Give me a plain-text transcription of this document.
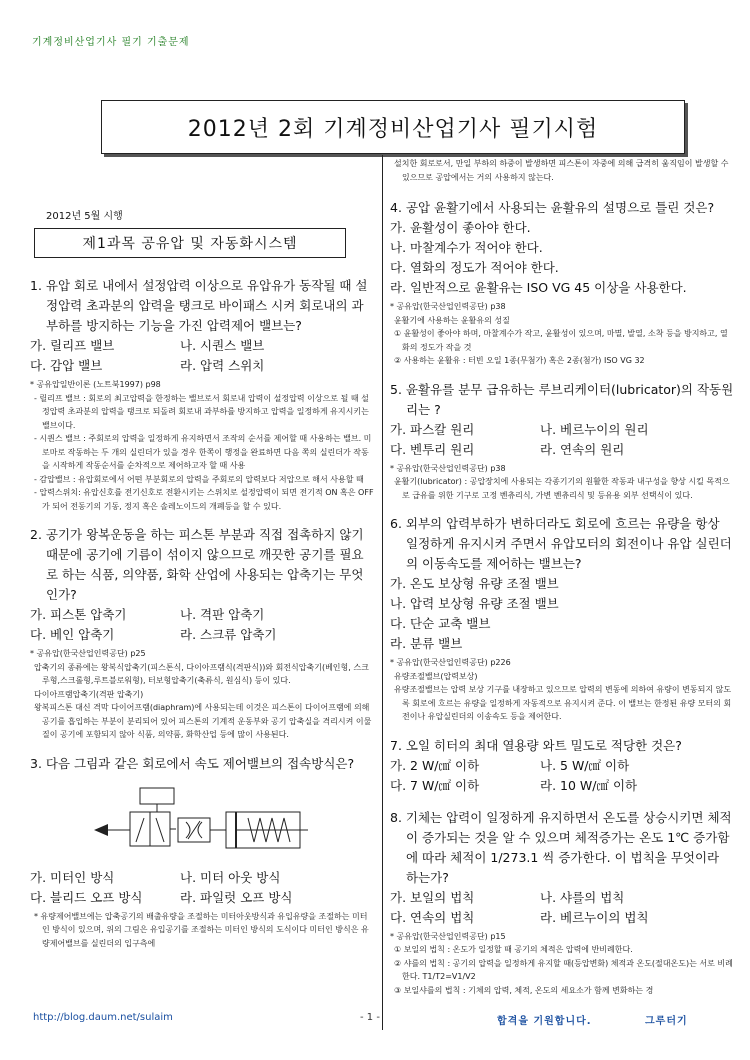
기계정비산업기사 필기 기출문제
2012년 2회 기계정비산업기사 필기시험
2012년 5월 시행
제1과목 공유압 및 자동화시스템
1. 유압 회로 내에서 설정압력 이상으로 유압유가 동작될 때 설정압력 초과분의 압력을 탱크로 바이패스 시켜 회로내의 과부하를 방지하는 기능을 가진 압력제어 밸브는?
가. 릴리프 밸브	나. 시퀀스 밸브
다. 감압 밸브	라. 압력 스위치
* 공유압일반이론 (노트북1997) p98
- 릴리프 밸브 : 회로의 최고압력을 한정하는 밸브로서 회로내 압력이 설정압력 이상으로 될 때 설정압력 초과분의 압력을 탱크로 되돌려 회로내 과부하를 방지하고 압력을 일정하게 유지시키는 밸브이다.
- 시퀀스 밸브 : 주회로의 압력을 일정하게 유지하면서 조작의 순서를 제어할 때 사용하는 밸브. 미로마로 작동하는 두 개의 실린더가 있을 경우 한쪽이 행정을 완료하면 다음 쪽의 실린더가 작동을 시작하게 작동순서를 순차적으로 제어하고자 할 때 사용
- 감압밸브 : 유압회로에서 어떤 부분회로의 압력을 주회로의 압력보다 저압으로 해서 사용할 때
- 압력스위치: 유압신호를 전기신호로 전환시키는 스위치로 설정압력이 되면 전기적 ON 혹은 OFF가 되어 전동기의 기동, 정지 혹은 솔레노이드의 개폐등을 할 수 있다.
2. 공기가 왕복운동을 하는 피스톤 부분과 직접 접촉하지 않기 때문에 공기에 기름이 섞이지 않으므로 깨끗한 공기를 필요로 하는 식품, 의약품, 화학 산업에 사용되는 압축기는 무엇인가?
가. 피스톤 압축기	나. 격판 압축기
다. 베인 압축기	라. 스크류 압축기
* 공유압(한국산업인력공단) p25
압축기의 종류에는 왕복식압축기(피스톤식, 다이아프램식(격판식))와 회전식압축기(베인형, 스크루형,스크롤형,루트블로워형), 터보형압축기(축류식, 원심식) 등이 있다.
다이아프램압축기(격판 압축기)
왕복피스톤 대신 격막 다이어프램(diaphram)에 사용되는데 이것은 피스톤이 다이어프램에 의해 공기를 흡입하는 부분이 분리되어 있어 피스톤의 기계적 운동부와 공기 압축실을 격리시켜 이물질이 공기에 포함되지 않아 식품, 의약품, 화학산업 등에 많이 사용된다.
3. 다음 그림과 같은 회로에서 속도 제어밸브의 접속방식은?
가. 미터인 방식	나. 미터 아웃 방식
다. 블리드 오프 방식	라. 파일럿 오프 방식
* 유량제어밸브에는 압축공기의 배출유량을 조절하는 미터아웃방식과 유입유량을 조절하는 미터인 방식이 있으며, 위의 그림은 유입공기를 조절하는 미터인 방식의 도식이다 미터인 방식은 유량제어밸브를 실린더의 입구측에
설치한 회로로서, 만일 부하의 하중이 발생하면 피스톤이 자중에 의해 급격히 움직임이 발생할 수 있으므로 공압에서는 거의 사용하지 않는다.
4. 공압 윤활기에서 사용되는 윤활유의 설명으로 틀린 것은?
가. 윤활성이 좋아야 한다.
나. 마찰계수가 적어야 한다.
다. 열화의 정도가 적어야 한다.
라. 일반적으로 윤활유는 ISO VG 45 이상을 사용한다.
* 공유압(한국산업인력공단) p38
윤활기에 사용하는 윤활유의 성질
① 윤활성이 좋아야 하며, 마찰계수가 작고, 윤활성이 있으며, 마멸, 발열, 소착 등을 방지하고, 열화의 정도가 작을 것
② 사용하는 윤활유 : 터빈 오일 1종(무첨가) 혹은 2종(첨가) ISO VG 32
5. 윤활유를 분무 급유하는 루브리케이터(lubricator)의 작동원리는 ?
가. 파스칼 원리	나. 베르누이의 원리
다. 벤투리 원리	라. 연속의 원리
* 공유압(한국산업인력공단) p38
윤활기(lubricator) : 공압장치에 사용되는 각종기기의 원활한 작동과 내구성을 향상 시킬 목적으로 급유를 위한 기구로 고정 벤츄리식, 가변 벤츄리식 및 등유용 외부 선택식이 있다.
6. 외부의 압력부하가 변하더라도 회로에 흐르는 유량을 항상 일정하게 유지시켜 주면서 유압모터의 회전이나 유압 실린더의 이동속도를 제어하는 밸브는?
가. 온도 보상형 유량 조절 밸브
나. 압력 보상형 유량 조절 밸브
다. 단순 교축 밸브
라. 분류 밸브
* 공유압(한국산업인력공단) p226
유량조절밸브(압력보상)
유량조절밸브는 압력 보상 기구를 내장하고 있으므로 압력의 변동에 의하여 유량이 변동되지 않도록 회로에 흐르는 유량을 일정하게 자동적으로 유지시켜 준다. 이 밸브는 한정된 유량 모터의 회전이나 유압실린더의 이송속도 등을 제어한다.
7. 오일 히터의 최대 열용량 와트 밀도로 적당한 것은?
가. 2 W/㎠ 이하	나. 5 W/㎠ 이하
다. 7 W/㎠ 이하	라. 10 W/㎠ 이하
8. 기체는 압력이 일정하게 유지하면서 온도를 상승시키면 체적이 증가되는 것을 알 수 있으며 체적증가는 온도 1℃ 증가함에 따라 체적이 1/273.1 씩 증가한다. 이 법칙을 무엇이라 하는가?
가. 보일의 법칙	나. 샤를의 법칙
다. 연속의 법칙	라. 베르누이의 법칙
* 공유압(한국산업인력공단) p15
① 보일의 법칙 : 온도가 일정할 때 공기의 체적은 압력에 반비례한다.
② 샤를의 법칙 : 공기의 압력을 일정하게 유지할 때(등압변화) 체적과 온도(절대온도)는 서로 비례한다. T1/T2=V1/V2
③ 보일샤를의 법칙 : 기체의 압력, 체적, 온도의 세요소가 함께 변화하는 경
http://blog.daum.net/sulaim	- 1 -	합격을 기원합니다.	그루터기
